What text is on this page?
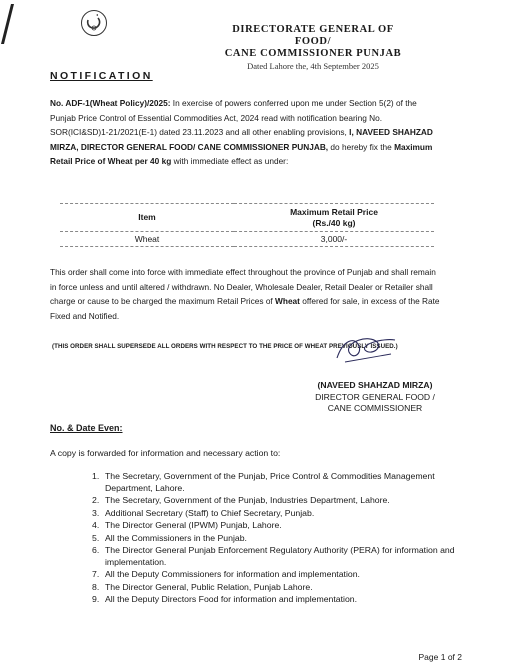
DIRECTORATE GENERAL OF FOOD/
CANE COMMISSIONER PUNJAB
Dated Lahore the, 4th September 2025
NOTIFICATION
No. ADF-1(Wheat Policy)/2025: In exercise of powers conferred upon me under Section 5(2) of the Punjab Price Control of Essential Commodities Act, 2024 read with notification bearing No. SOR(ICI&SD)1-21/2021(E-1) dated 23.11.2023 and all other enabling provisions, I, NAVEED SHAHZAD MIRZA, DIRECTOR GENERAL FOOD/ CANE COMMISSIONER PUNJAB, do hereby fix the Maximum Retail Price of Wheat per 40 kg with immediate effect as under:
Item	Maximum Retail Price
(Rs./40 kg)
Wheat	3,000/-
This order shall come into force with immediate effect throughout the province of Punjab and shall remain in force unless and until altered / withdrawn. No Dealer, Wholesale Dealer, Retail Dealer or Retailer shall charge or cause to be charged the maximum Retail Prices of Wheat offered for sale, in excess of the Rate Fixed and Notified.
(THIS ORDER SHALL SUPERSEDE ALL ORDERS WITH RESPECT TO THE PRICE OF WHEAT PREVIOUSLY ISSUED.)
(NAVEED SHAHZAD MIRZA)
DIRECTOR GENERAL FOOD /
CANE COMMISSIONER
No. & Date Even:
A copy is forwarded for information and necessary action to:
1. The Secretary, Government of the Punjab, Price Control & Commodities Management Department, Lahore.
2. The Secretary, Government of the Punjab, Industries Department, Lahore.
3. Additional Secretary (Staff) to Chief Secretary, Punjab.
4. The Director General (IPWM) Punjab, Lahore.
5. All the Commissioners in the Punjab.
6. The Director General Punjab Enforcement Regulatory Authority (PERA) for information and implementation.
7. All the Deputy Commissioners for information and implementation.
8. The Director General, Public Relation, Punjab Lahore.
9. All the Deputy Directors Food for information and implementation.
Page 1 of 2
